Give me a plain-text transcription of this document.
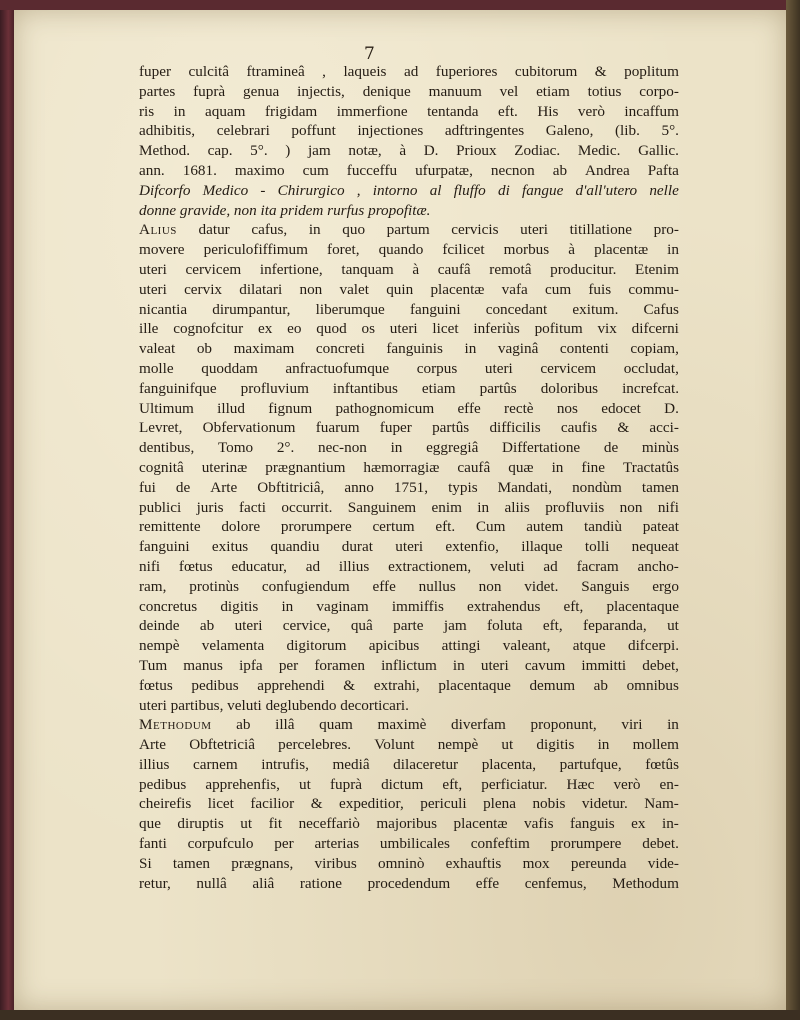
7
fuper culcitâ ftramineâ , laqueis ad fuperiores cubitorum & poplitum
partes fuprà genua injectis, denique manuum vel etiam totius corpo-
ris in aquam frigidam immerfione tentanda eft. His verò incaffum
adhibitis, celebrari poffunt injectiones adftringentes Galeno, (lib. 5°.
Method. cap. 5°. ) jam notæ, à D. Prioux Zodiac. Medic. Gallic.
ann. 1681. maximo cum fucceffu ufurpatæ, necnon ab Andrea Pafta
Difcorfo Medico - Chirurgico , intorno al fluffo di fangue d'all'utero nelle
donne
gravide,
non
ita
pridem
rurfus
propofitæ.
Alius datur cafus, in quo partum cervicis uteri titillatione pro-
movere periculofiffimum foret, quando fcilicet morbus à placentæ in
uteri cervicem infertione, tanquam à caufâ remotâ producitur. Etenim
uteri cervix dilatari non valet quin placentæ vafa cum fuis commu-
nicantia dirumpantur, liberumque fanguini concedant exitum. Cafus
ille cognofcitur ex eo quod os uteri licet inferiùs pofitum vix difcerni
valeat ob maximam concreti fanguinis in vaginâ contenti copiam,
molle quoddam anfractuofumque corpus uteri cervicem occludat,
fanguinifque profluvium inftantibus etiam partûs doloribus increfcat.
Ultimum illud fignum pathognomicum effe rectè nos edocet D.
Levret, Obfervationum fuarum fuper partûs difficilis caufis & acci-
dentibus, Tomo 2°. nec-non in eggregiâ Differtatione de minùs
cognitâ uterinæ prægnantium hæmorragiæ caufâ quæ in fine Tractatûs
fui de Arte Obftitriciâ, anno 1751, typis Mandati, nondùm tamen
publici juris facti occurrit. Sanguinem enim in aliis profluviis non nifi
remittente dolore prorumpere certum eft. Cum autem tandiù pateat
fanguini exitus quandiu durat uteri extenfio, illaque tolli nequeat
nifi fœtus educatur, ad illius extractionem, veluti ad facram ancho-
ram, protinùs confugiendum effe nullus non videt. Sanguis ergo
concretus digitis in vaginam immiffis extrahendus eft, placentaque
deinde ab uteri cervice, quâ parte jam foluta eft, feparanda, ut
nempè velamenta digitorum apicibus attingi valeant, atque difcerpi.
Tum manus ipfa per foramen inflictum in uteri cavum immitti debet,
fœtus pedibus apprehendi & extrahi, placentaque demum ab omnibus
uteri
partibus,
veluti
deglubendo
decorticari.
Methodum ab illâ quam maximè diverfam proponunt, viri in
Arte Obftetriciâ percelebres. Volunt nempè ut digitis in mollem
illius carnem intrufis, mediâ dilaceretur placenta, partufque, fœtûs
pedibus apprehenfis, ut fuprà dictum eft, perficiatur. Hæc verò en-
cheirefis licet facilior & expeditior, periculi plena nobis videtur. Nam-
que diruptis ut fit neceffariò majoribus placentæ vafis fanguis ex in-
fanti corpufculo per arterias umbilicales confeftim prorumpere debet.
Si tamen prægnans, viribus omninò exhauftis mox pereunda vide-
retur, nullâ aliâ ratione procedendum effe cenfemus, Methodum
